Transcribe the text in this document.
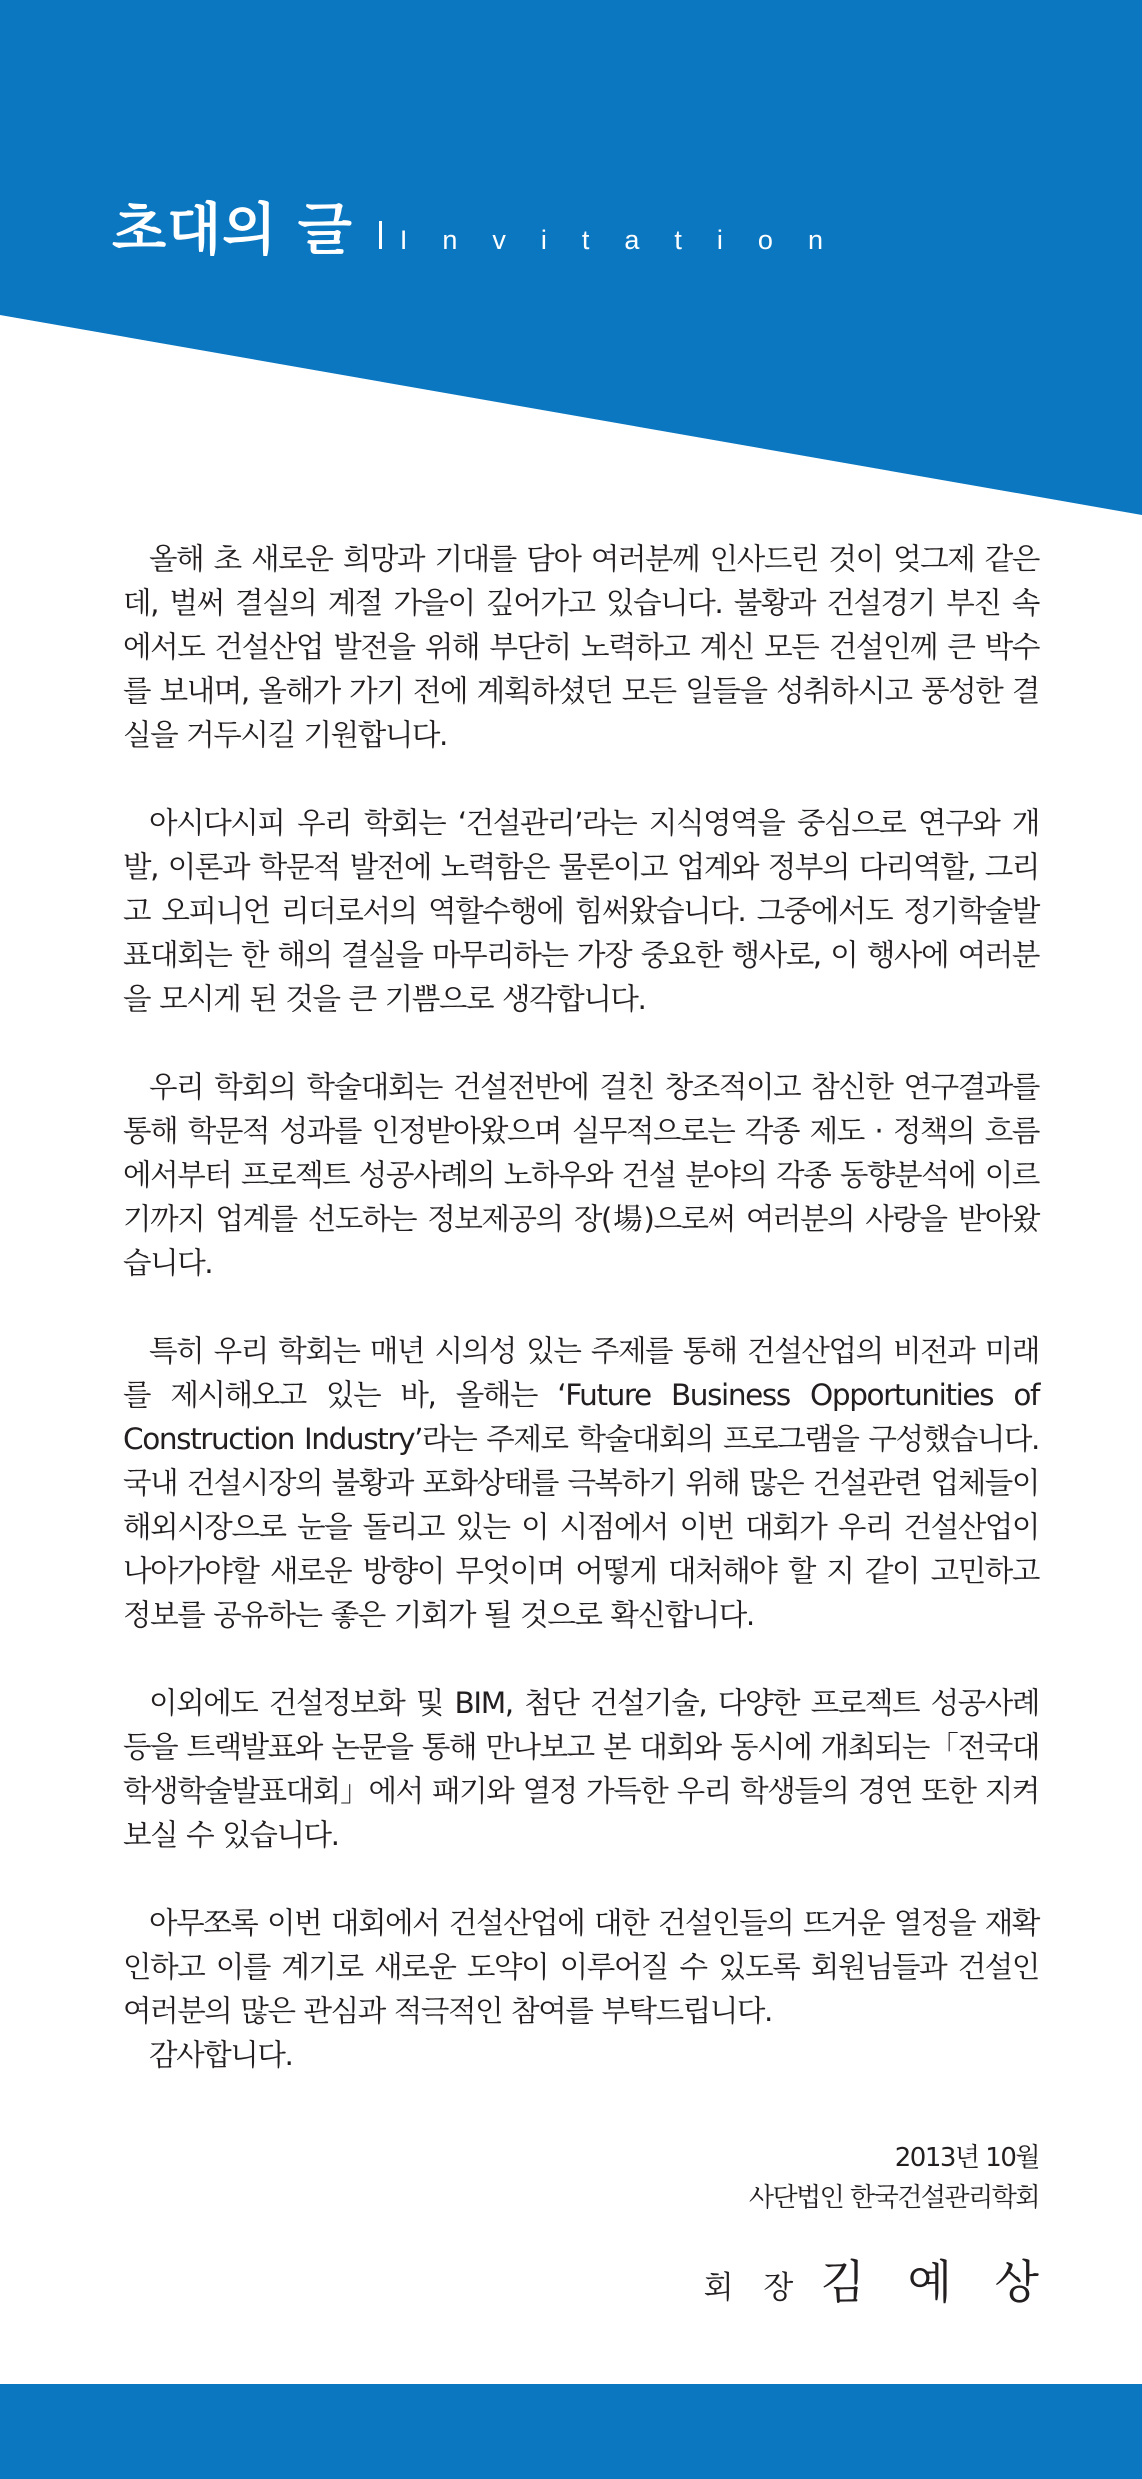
초대의 글 Invitation

올해 초 새로운 희망과 기대를 담아 여러분께 인사드린 것이 엊그제 같은데, 벌써 결실의 계절 가을이 깊어가고 있습니다. 불황과 건설경기 부진 속에서도 건설산업 발전을 위해 부단히 노력하고 계신 모든 건설인께 큰 박수를 보내며, 올해가 가기 전에 계획하셨던 모든 일들을 성취하시고 풍성한 결실을 거두시길 기원합니다.

아시다시피 우리 학회는 ‘건설관리’라는 지식영역을 중심으로 연구와 개발, 이론과 학문적 발전에 노력함은 물론이고 업계와 정부의 다리역할, 그리고 오피니언 리더로서의 역할수행에 힘써왔습니다. 그중에서도 정기학술발표대회는 한 해의 결실을 마무리하는 가장 중요한 행사로, 이 행사에 여러분을 모시게 된 것을 큰 기쁨으로 생각합니다.

우리 학회의 학술대회는 건설전반에 걸친 창조적이고 참신한 연구결과를 통해 학문적 성과를 인정받아왔으며 실무적으로는 각종 제도 · 정책의 흐름에서부터 프로젝트 성공사례의 노하우와 건설 분야의 각종 동향분석에 이르기까지 업계를 선도하는 정보제공의 장(場)으로써 여러분의 사랑을 받아왔습니다.

특히 우리 학회는 매년 시의성 있는 주제를 통해 건설산업의 비전과 미래를 제시해오고 있는 바, 올해는 ‘Future Business Opportunities of Construction Industry’라는 주제로 학술대회의 프로그램을 구성했습니다. 국내 건설시장의 불황과 포화상태를 극복하기 위해 많은 건설관련 업체들이 해외시장으로 눈을 돌리고 있는 이 시점에서 이번 대회가 우리 건설산업이 나아가야할 새로운 방향이 무엇이며 어떻게 대처해야 할 지 같이 고민하고 정보를 공유하는 좋은 기회가 될 것으로 확신합니다.

이외에도 건설정보화 및 BIM, 첨단 건설기술, 다양한 프로젝트 성공사례 등을 트랙발표와 논문을 통해 만나보고 본 대회와 동시에 개최되는「전국대학생학술발표대회」에서 패기와 열정 가득한 우리 학생들의 경연 또한 지켜보실 수 있습니다.

아무쪼록 이번 대회에서 건설산업에 대한 건설인들의 뜨거운 열정을 재확인하고 이를 계기로 새로운 도약이 이루어질 수 있도록 회원님들과 건설인 여러분의 많은 관심과 적극적인 참여를 부탁드립니다.

감사합니다.

2013년 10월
사단법인 한국건설관리학회
회 장 김 예 상
